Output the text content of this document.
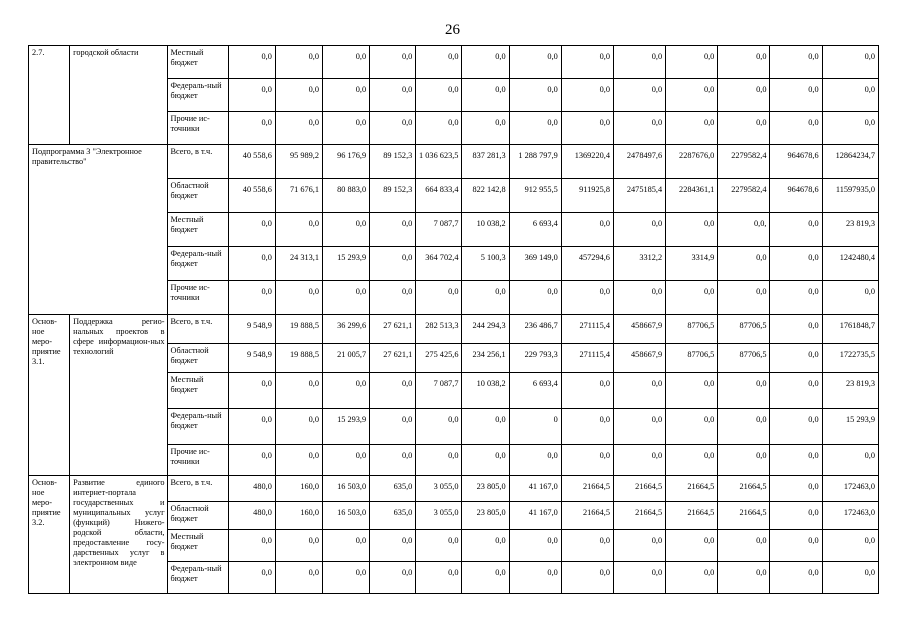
26
2.7.	городской области	Местный бюджет	0,0	0,0	0,0	0,0	0,0	0,0	0,0	0,0	0,0	0,0	0,0	0,0	0,0
		Федераль-ный бюджет	0,0	0,0	0,0	0,0	0,0	0,0	0,0	0,0	0,0	0,0	0,0	0,0	0,0
		Прочие ис-точники	0,0	0,0	0,0	0,0	0,0	0,0	0,0	0,0	0,0	0,0	0,0	0,0	0,0
Подпрограмма 3 "Электронное правительство"		Всего, в т.ч.	40 558,6	95 989,2	96 176,9	89 152,3	1 036 623,5	837 281,3	1 288 797,9	1369220,4	2478497,6	2287676,0	2279582,4	964678,6	12864234,7
		Областной бюджет	40 558,6	71 676,1	80 883,0	89 152,3	664 833,4	822 142,8	912 955,5	911925,8	2475185,4	2284361,1	2279582,4	964678,6	11597935,0
		Местный бюджет	0,0	0,0	0,0	0,0	7 087,7	10 038,2	6 693,4	0,0	0,0	0,0	0,0,	0,0	23 819,3
		Федераль-ный бюджет	0,0	24 313,1	15 293,9	0,0	364 702,4	5 100,3	369 149,0	457294,6	3312,2	3314,9	0,0	0,0	1242480,4
		Прочие ис-точники	0,0	0,0	0,0	0,0	0,0	0,0	0,0	0,0	0,0	0,0	0,0	0,0	0,0
Основ-ное меро-приятие 3.1.	Поддержка регио-нальных проектов в сфере информацион-ных технологий	Всего, в т.ч.	9 548,9	19 888,5	36 299,6	27 621,1	282 513,3	244 294,3	236 486,7	271115,4	458667,9	87706,5	87706,5	0,0	1761848,7
		Областной бюджет	9 548,9	19 888,5	21 005,7	27 621,1	275 425,6	234 256,1	229 793,3	271115,4	458667,9	87706,5	87706,5	0,0	1722735,5
		Местный бюджет	0,0	0,0	0,0	0,0	7 087,7	10 038,2	6 693,4	0,0	0,0	0,0	0,0	0,0	23 819,3
		Федераль-ный бюджет	0,0	0,0	15 293,9	0,0	0,0	0,0	0	0,0	0,0	0,0	0,0	0,0	15 293,9
		Прочие ис-точники	0,0	0,0	0,0	0,0	0,0	0,0	0,0	0,0	0,0	0,0	0,0	0,0	0,0
Основ-ное меро-приятие 3.2.	Развитие единого интернет-портала государственных и муниципальных услуг (функций) Нижего-родской области, предоставление госу-дарственных услуг в электронном виде	Всего, в т.ч.	480,0	160,0	16 503,0	635,0	3 055,0	23 805,0	41 167,0	21664,5	21664,5	21664,5	21664,5	0,0	172463,0
		Областной бюджет	480,0	160,0	16 503,0	635,0	3 055,0	23 805,0	41 167,0	21664,5	21664,5	21664,5	21664,5	0,0	172463,0
		Местный бюджет	0,0	0,0	0,0	0,0	0,0	0,0	0,0	0,0	0,0	0,0	0,0	0,0	0,0
		Федераль-ный бюджет	0,0	0,0	0,0	0,0	0,0	0,0	0,0	0,0	0,0	0,0	0,0	0,0	0,0
